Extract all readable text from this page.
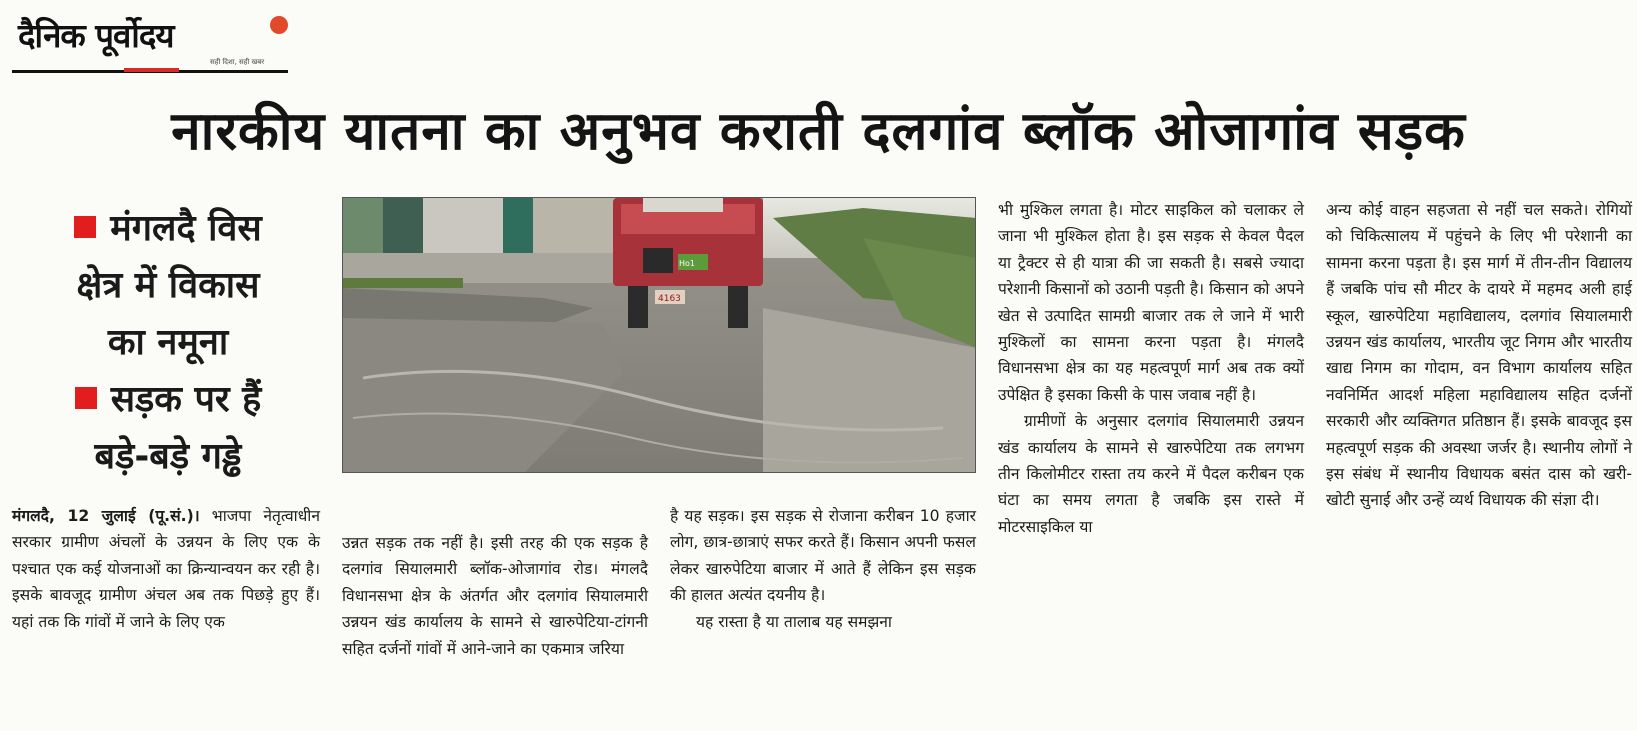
दैनिक पूर्वोदय
सही दिशा, सही खबर
नारकीय यातना का अनुभव कराती दलगांव ब्लॉक ओजागांव सड़क
मंगलदै विस
क्षेत्र में विकास
का नमूना
सड़क पर हैं
बड़े-बड़े गड्ढे
Ho1
4163

मंगलदै, 12 जुलाई (पू.सं.)। भाजपा नेतृत्वाधीन सरकार ग्रामीण अंचलों के उन्नयन के लिए एक के पश्चात एक कई योजनाओं का क्रिन्यान्वयन कर रही है। इसके बावजूद ग्रामीण अंचल अब तक पिछड़े हुए हैं। यहां तक कि गांवों में जाने के लिए एक

उन्नत सड़क तक नहीं है। इसी तरह की एक सड़क है दलगांव सियालमारी ब्लॉक-ओजागांव रोड। मंगलदै विधानसभा क्षेत्र के अंतर्गत और दलगांव सियालमारी उन्नयन खंड कार्यालय के सामने से खारुपेटिया-टांगनी सहित दर्जनों गांवों में आने-जाने का एकमात्र जरिया

है यह सड़क। इस सड़क से रोजाना करीबन 10 हजार लोग, छात्र-छात्राएं सफर करते हैं। किसान अपनी फसल लेकर खारुपेटिया बाजार में आते हैं लेकिन इस सड़क की हालत अत्यंत दयनीय है।

यह रास्ता है या तालाब यह समझना

भी मुश्किल लगता है। मोटर साइकिल को चलाकर ले जाना भी मुश्किल होता है। इस सड़क से केवल पैदल या ट्रैक्टर से ही यात्रा की जा सकती है। सबसे ज्यादा परेशानी किसानों को उठानी पड़ती है। किसान को अपने खेत से उत्पादित सामग्री बाजार तक ले जाने में भारी मुश्किलों का सामना करना पड़ता है। मंगलदै विधानसभा क्षेत्र का यह महत्वपूर्ण मार्ग अब तक क्यों उपेक्षित है इसका किसी के पास जवाब नहीं है।

ग्रामीणों के अनुसार दलगांव सियालमारी उन्नयन खंड कार्यालय के सामने से खारुपेटिया तक लगभग तीन किलोमीटर रास्ता तय करने में पैदल करीबन एक घंटा का समय लगता है जबकि इस रास्ते में मोटरसाइकिल या

अन्य कोई वाहन सहजता से नहीं चल सकते। रोगियों को चिकित्सालय में पहुंचने के लिए भी परेशानी का सामना करना पड़ता है। इस मार्ग में तीन-तीन विद्यालय हैं जबकि पांच सौ मीटर के दायरे में महमद अली हाई स्कूल, खारुपेटिया महाविद्यालय, दलगांव सियालमारी उन्नयन खंड कार्यालय, भारतीय जूट निगम और भारतीय खाद्य निगम का गोदाम, वन विभाग कार्यालय सहित नवनिर्मित आदर्श महिला महाविद्यालय सहित दर्जनों सरकारी और व्यक्तिगत प्रतिष्ठान हैं। इसके बावजूद इस महत्वपूर्ण सड़क की अवस्था जर्जर है। स्थानीय लोगों ने इस संबंध में स्थानीय विधायक बसंत दास को खरी-खोटी सुनाई और उन्हें व्यर्थ विधायक की संज्ञा दी।
